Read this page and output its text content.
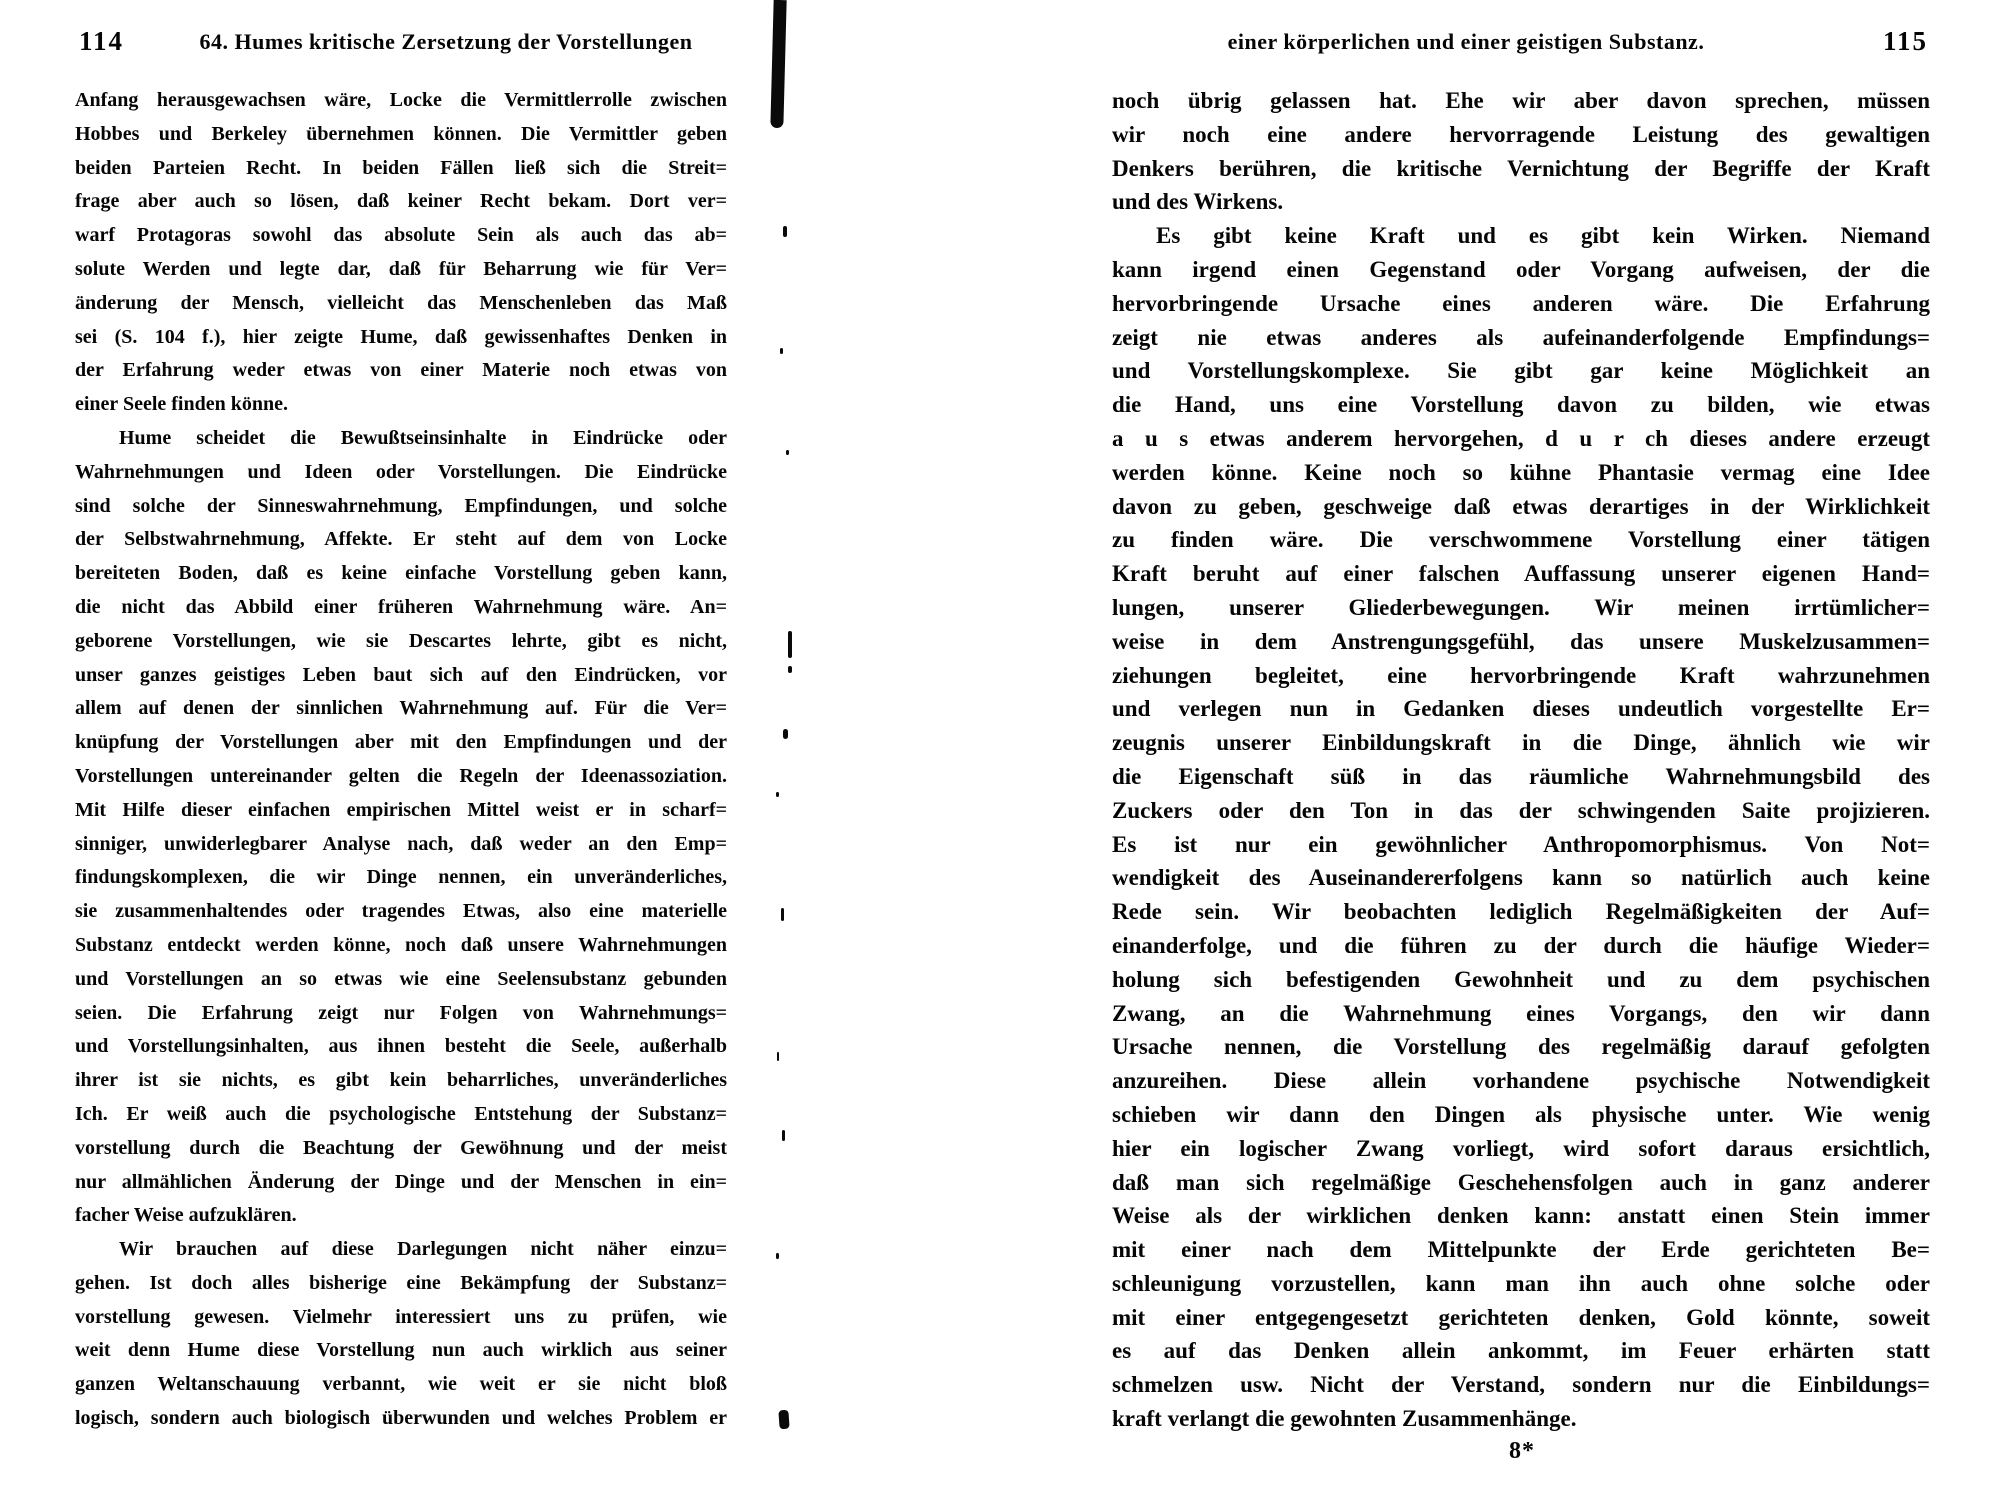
114	64. Humes kritische Zersetzung der Vorstellungen
Anfang herausgewachsen wäre, Locke die Vermittlerrolle zwischen
Hobbes und Berkeley übernehmen können. Die Vermittler geben
beiden Parteien Recht. In beiden Fällen ließ sich die Streit=
frage aber auch so lösen, daß keiner Recht bekam. Dort ver=
warf Protagoras sowohl das absolute Sein als auch das ab=
solute Werden und legte dar, daß für Beharrung wie für Ver=
änderung der Mensch, vielleicht das Menschenleben das Maß
sei (S. 104 f.), hier zeigte Hume, daß gewissenhaftes Denken in
der Erfahrung weder etwas von einer Materie noch etwas von
einer Seele finden könne.
Hume scheidet die Bewußtseinsinhalte in Eindrücke oder
Wahrnehmungen und Ideen oder Vorstellungen. Die Eindrücke
sind solche der Sinneswahrnehmung, Empfindungen, und solche
der Selbstwahrnehmung, Affekte. Er steht auf dem von Locke
bereiteten Boden, daß es keine einfache Vorstellung geben kann,
die nicht das Abbild einer früheren Wahrnehmung wäre. An=
geborene Vorstellungen, wie sie Descartes lehrte, gibt es nicht,
unser ganzes geistiges Leben baut sich auf den Eindrücken, vor
allem auf denen der sinnlichen Wahrnehmung auf. Für die Ver=
knüpfung der Vorstellungen aber mit den Empfindungen und der
Vorstellungen untereinander gelten die Regeln der Ideenassoziation.
Mit Hilfe dieser einfachen empirischen Mittel weist er in scharf=
sinniger, unwiderlegbarer Analyse nach, daß weder an den Emp=
findungskomplexen, die wir Dinge nennen, ein unveränderliches,
sie zusammenhaltendes oder tragendes Etwas, also eine materielle
Substanz entdeckt werden könne, noch daß unsere Wahrnehmungen
und Vorstellungen an so etwas wie eine Seelensubstanz gebunden
seien. Die Erfahrung zeigt nur Folgen von Wahrnehmungs=
und Vorstellungsinhalten, aus ihnen besteht die Seele, außerhalb
ihrer ist sie nichts, es gibt kein beharrliches, unveränderliches
Ich. Er weiß auch die psychologische Entstehung der Substanz=
vorstellung durch die Beachtung der Gewöhnung und der meist
nur allmählichen Änderung der Dinge und der Menschen in ein=
facher Weise aufzuklären.
Wir brauchen auf diese Darlegungen nicht näher einzu=
gehen. Ist doch alles bisherige eine Bekämpfung der Substanz=
vorstellung gewesen. Vielmehr interessiert uns zu prüfen, wie
weit denn Hume diese Vorstellung nun auch wirklich aus seiner
ganzen Weltanschauung verbannt, wie weit er sie nicht bloß
logisch, sondern auch biologisch überwunden und welches Problem er
einer körperlichen und einer geistigen Substanz.	115
noch übrig gelassen hat. Ehe wir aber davon sprechen, müssen
wir noch eine andere hervorragende Leistung des gewaltigen
Denkers berühren, die kritische Vernichtung der Begriffe der Kraft
und des Wirkens.
Es gibt keine Kraft und es gibt kein Wirken. Niemand
kann irgend einen Gegenstand oder Vorgang aufweisen, der die
hervorbringende Ursache eines anderen wäre. Die Erfahrung
zeigt nie etwas anderes als aufeinanderfolgende Empfindungs=
und Vorstellungskomplexe. Sie gibt gar keine Möglichkeit an
die Hand, uns eine Vorstellung davon zu bilden, wie etwas
a u s etwas anderem hervorgehen, d u r ch dieses andere erzeugt
werden könne. Keine noch so kühne Phantasie vermag eine Idee
davon zu geben, geschweige daß etwas derartiges in der Wirklichkeit
zu finden wäre. Die verschwommene Vorstellung einer tätigen
Kraft beruht auf einer falschen Auffassung unserer eigenen Hand=
lungen, unserer Gliederbewegungen. Wir meinen irrtümlicher=
weise in dem Anstrengungsgefühl, das unsere Muskelzusammen=
ziehungen begleitet, eine hervorbringende Kraft wahrzunehmen
und verlegen nun in Gedanken dieses undeutlich vorgestellte Er=
zeugnis unserer Einbildungskraft in die Dinge, ähnlich wie wir
die Eigenschaft süß in das räumliche Wahrnehmungsbild des
Zuckers oder den Ton in das der schwingenden Saite projizieren.
Es ist nur ein gewöhnlicher Anthropomorphismus. Von Not=
wendigkeit des Auseinandererfolgens kann so natürlich auch keine
Rede sein. Wir beobachten lediglich Regelmäßigkeiten der Auf=
einanderfolge, und die führen zu der durch die häufige Wieder=
holung sich befestigenden Gewohnheit und zu dem psychischen
Zwang, an die Wahrnehmung eines Vorgangs, den wir dann
Ursache nennen, die Vorstellung des regelmäßig darauf gefolgten
anzureihen. Diese allein vorhandene psychische Notwendigkeit
schieben wir dann den Dingen als physische unter. Wie wenig
hier ein logischer Zwang vorliegt, wird sofort daraus ersichtlich,
daß man sich regelmäßige Geschehensfolgen auch in ganz anderer
Weise als der wirklichen denken kann: anstatt einen Stein immer
mit einer nach dem Mittelpunkte der Erde gerichteten Be=
schleunigung vorzustellen, kann man ihn auch ohne solche oder
mit einer entgegengesetzt gerichteten denken, Gold könnte, soweit
es auf das Denken allein ankommt, im Feuer erhärten statt
schmelzen usw. Nicht der Verstand, sondern nur die Einbildungs=
kraft verlangt die gewohnten Zusammenhänge.
8*
